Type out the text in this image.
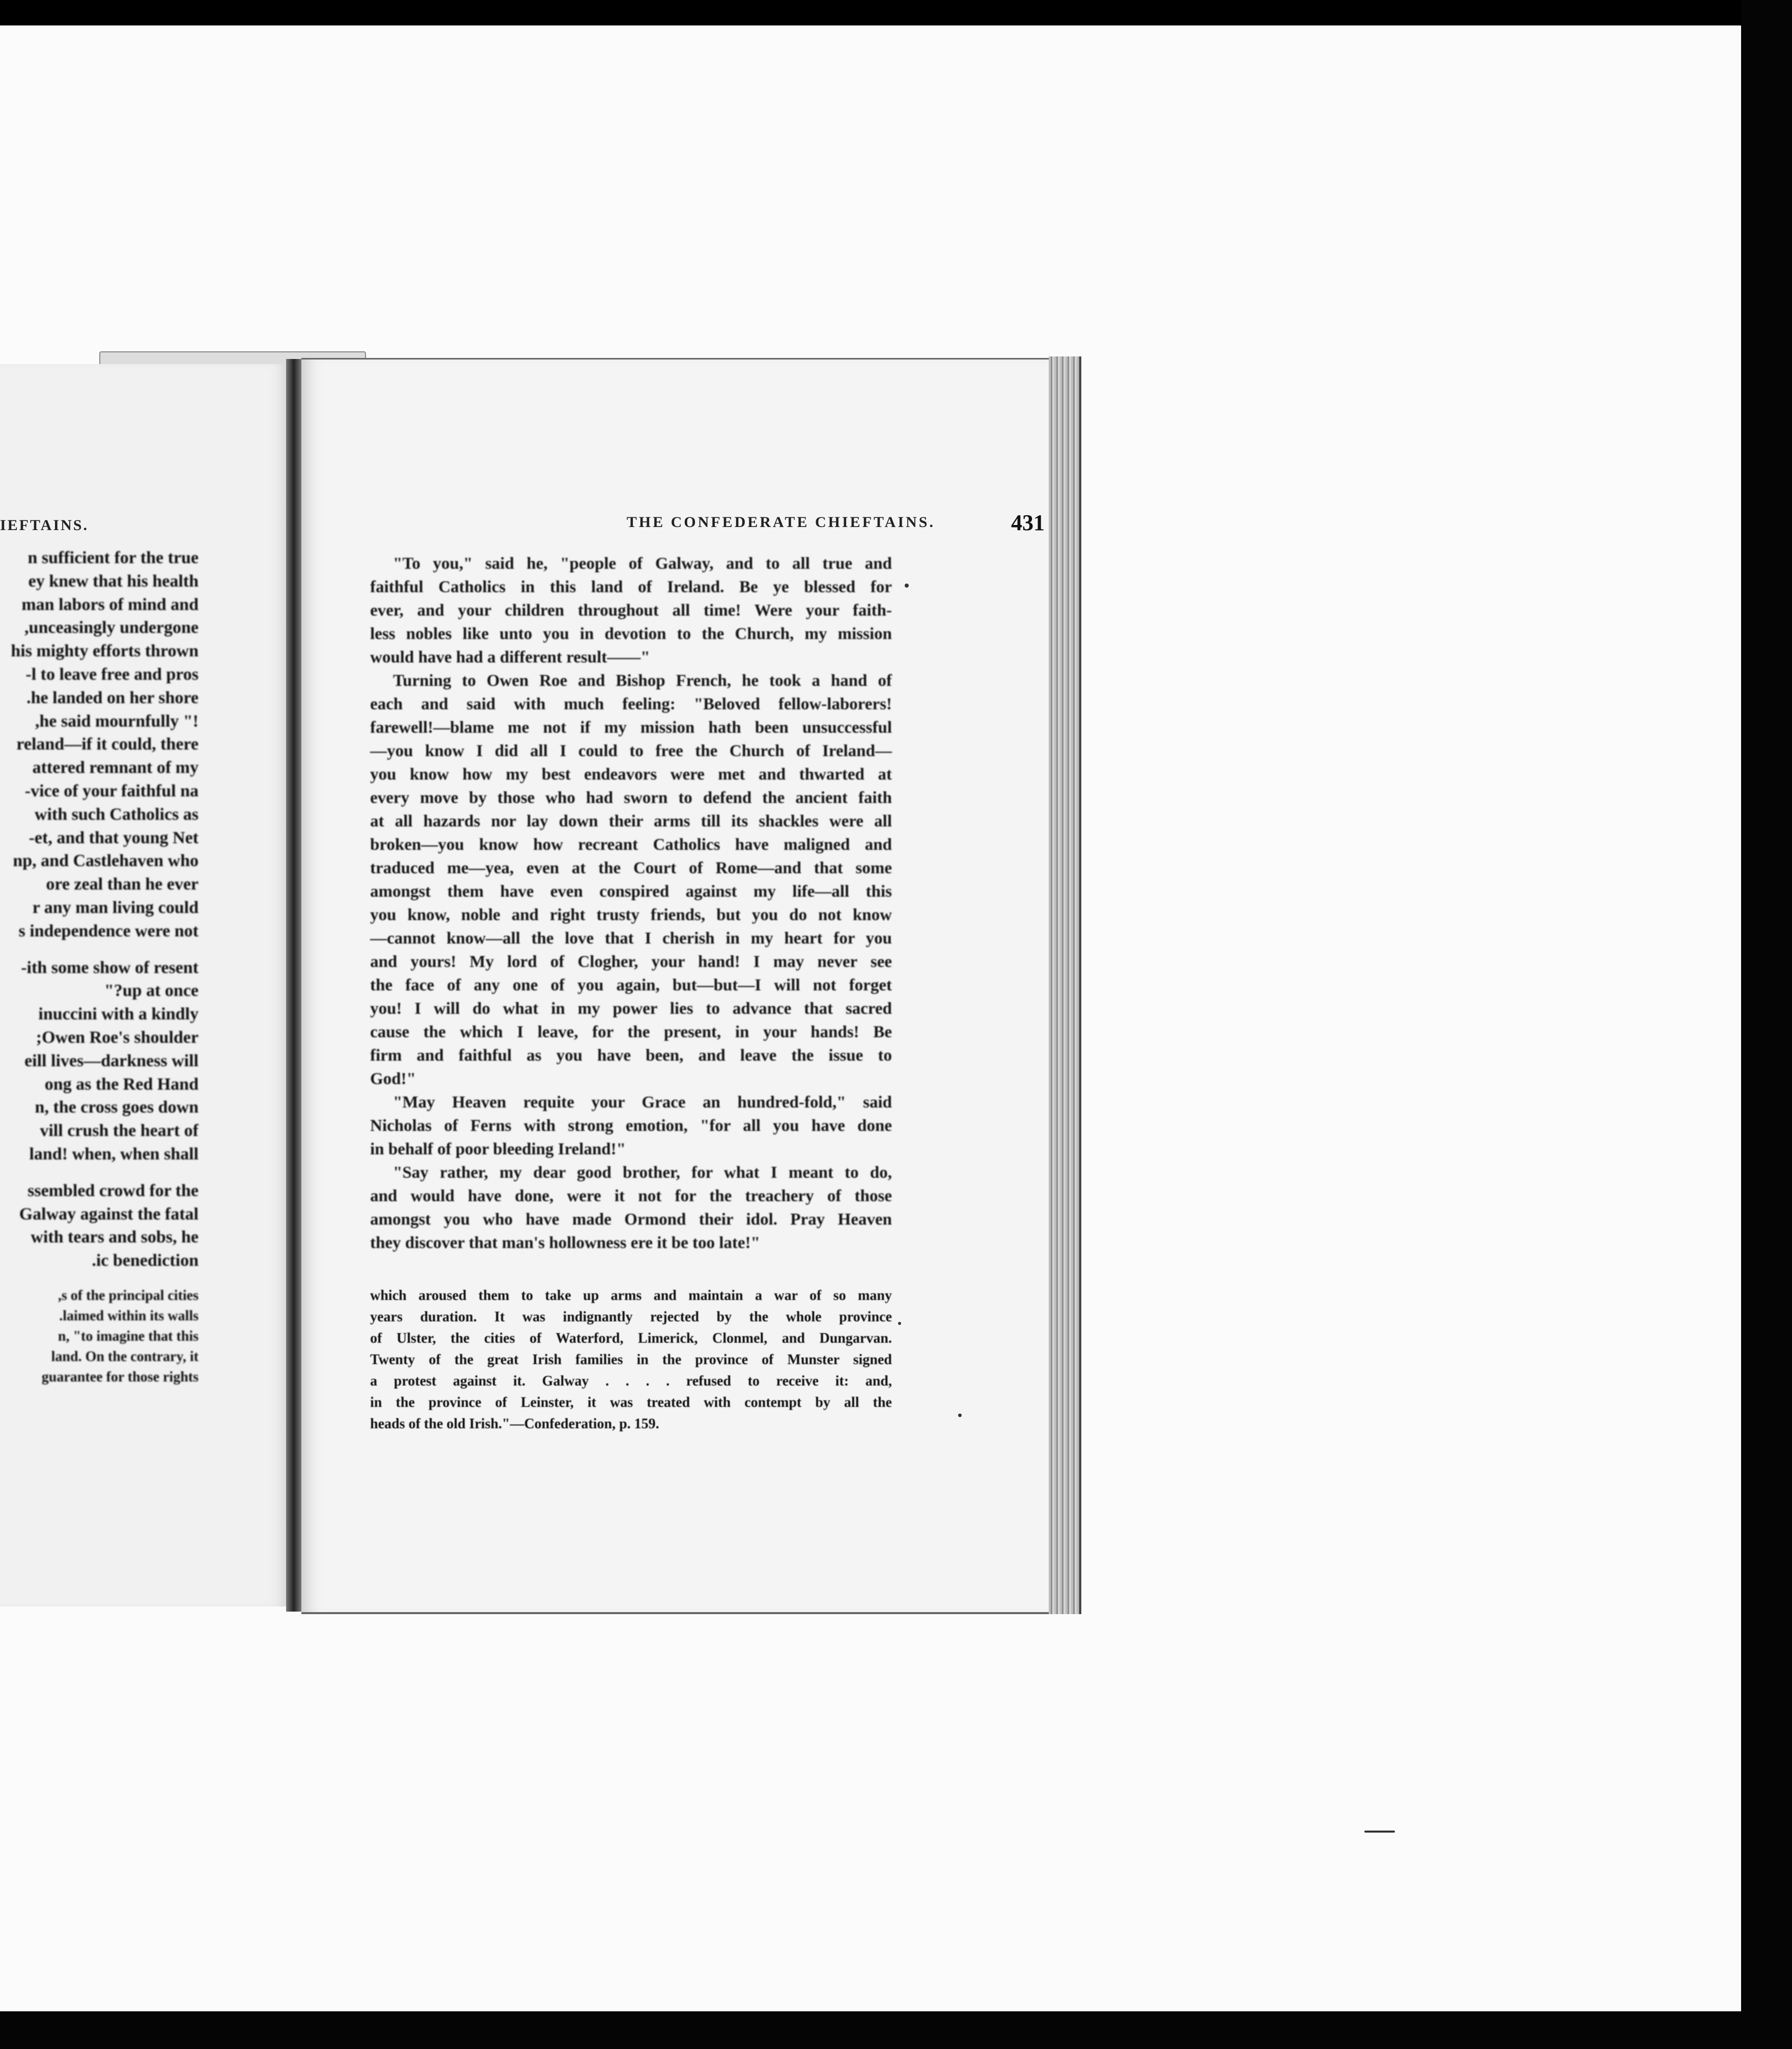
IEFTAINS.
n sufficient for the true
ey knew that his health
man labors of mind and
unceasingly undergone,
his mighty efforts thrown
l to leave free and pros-
he landed on her shore.
!" he said mournfully,
reland—if it could, there
attered remnant of my
vice of your faithful na-
with such Catholics as
et, and that young Net-
np, and Castlehaven who
ore zeal than he ever
r any man living could
s independence were not
ith some show of resent-
up at once?"
inuccini with a kindly
Owen Roe's shoulder;
eill lives—darkness will
ong as the Red Hand
n, the cross goes down
vill crush the heart of
land! when, when shall
ssembled crowd for the
Galway against the fatal
with tears and sobs, he
ic benediction.
s of the principal cities,
laimed within its walls.
n, "to imagine that this
land. On the contrary, it
guarantee for those rights
THE CONFEDERATE CHIEFTAINS.	431
"To you," said he, "people of Galway, and to all true and
faithful Catholics in this land of Ireland. Be ye blessed for
ever, and your children throughout all time! Were your faith-
less nobles like unto you in devotion to the Church, my mission
would have had a different result——"
Turning to Owen Roe and Bishop French, he took a hand of
each and said with much feeling: "Beloved fellow-laborers!
farewell!—blame me not if my mission hath been unsuccessful
—you know I did all I could to free the Church of Ireland—
you know how my best endeavors were met and thwarted at
every move by those who had sworn to defend the ancient faith
at all hazards nor lay down their arms till its shackles were all
broken—you know how recreant Catholics have maligned and
traduced me—yea, even at the Court of Rome—and that some
amongst them have even conspired against my life—all this
you know, noble and right trusty friends, but you do not know
—cannot know—all the love that I cherish in my heart for you
and yours! My lord of Clogher, your hand! I may never see
the face of any one of you again, but—but—I will not forget
you! I will do what in my power lies to advance that sacred
cause the which I leave, for the present, in your hands! Be
firm and faithful as you have been, and leave the issue to
God!"
"May Heaven requite your Grace an hundred-fold," said
Nicholas of Ferns with strong emotion, "for all you have done
in behalf of poor bleeding Ireland!"
"Say rather, my dear good brother, for what I meant to do,
and would have done, were it not for the treachery of those
amongst you who have made Ormond their idol. Pray Heaven
they discover that man's hollowness ere it be too late!"
which aroused them to take up arms and maintain a war of so many
years duration. It was indignantly rejected by the whole province
of Ulster, the cities of Waterford, Limerick, Clonmel, and Dungarvan.
Twenty of the great Irish families in the province of Munster signed
a protest against it. Galway . . . . refused to receive it: and,
in the province of Leinster, it was treated with contempt by all the
heads of the old Irish."—Confederation, p. 159.
